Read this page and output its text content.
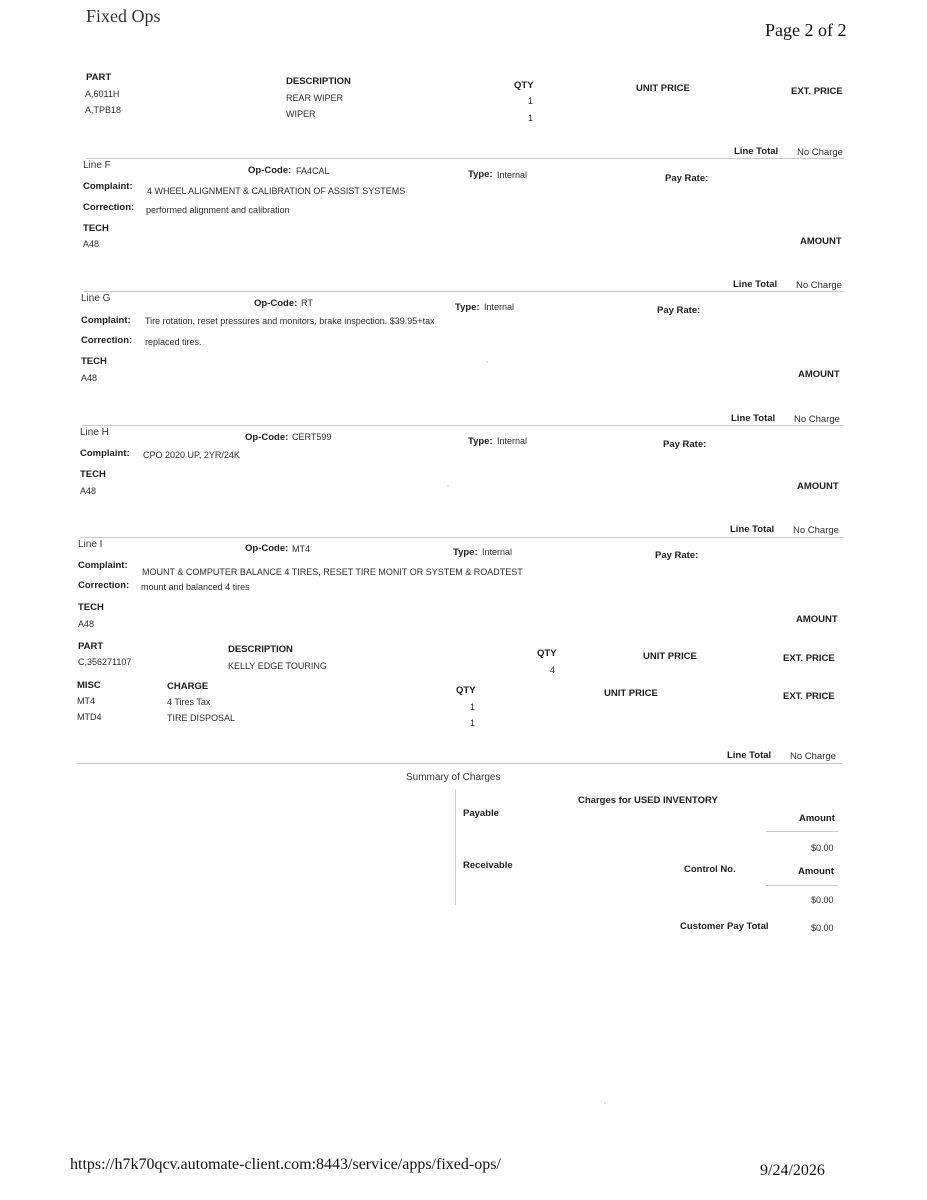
Fixed Ops
Page 2 of 2
PART	DESCRIPTION	QTY	UNIT PRICE	EXT. PRICE
A,6011H	REAR WIPER	1
A,TPB18	WIPER	1
Line Total No Charge
Line F	Op-Code: FA4CAL	Type: Internal	Pay Rate:
Complaint: 4 WHEEL ALIGNMENT & CALIBRATION OF ASSIST SYSTEMS
Correction: performed alignment and calibration
TECH
A48	AMOUNT
Line Total No Charge
Line G	Op-Code: RT	Type: Internal	Pay Rate:
Complaint: Tire rotation, reset pressures and monitors, brake inspection. $39.95+tax
Correction: replaced tires.
TECH
A48	AMOUNT
Line Total No Charge
Line H	Op-Code: CERT599	Type: Internal	Pay Rate:
Complaint: CPO 2020 UP, 2YR/24K
TECH
A48	AMOUNT
Line Total No Charge
Line I	Op-Code: MT4	Type: Internal	Pay Rate:
Complaint:
MOUNT & COMPUTER BALANCE 4 TIRES, RESET TIRE MONIT OR SYSTEM & ROADTEST
Correction: mount and balanced 4 tires
TECH
A48	AMOUNT
PART	DESCRIPTION	QTY	UNIT PRICE	EXT. PRICE
C,356271107	KELLY EDGE TOURING	4
MISC	CHARGE	QTY	UNIT PRICE	EXT. PRICE
MT4	4 Tires Tax	1
MTD4	TIRE DISPOSAL	1
Line Total No Charge
Summary of Charges
Charges for USED INVENTORY
Payable	Amount
$0.00
Receivable	Control No.	Amount
$0.00
Customer Pay Total	$0.00
https://h7k70qcv.automate-client.com:8443/service/apps/fixed-ops/	9/24/2026
